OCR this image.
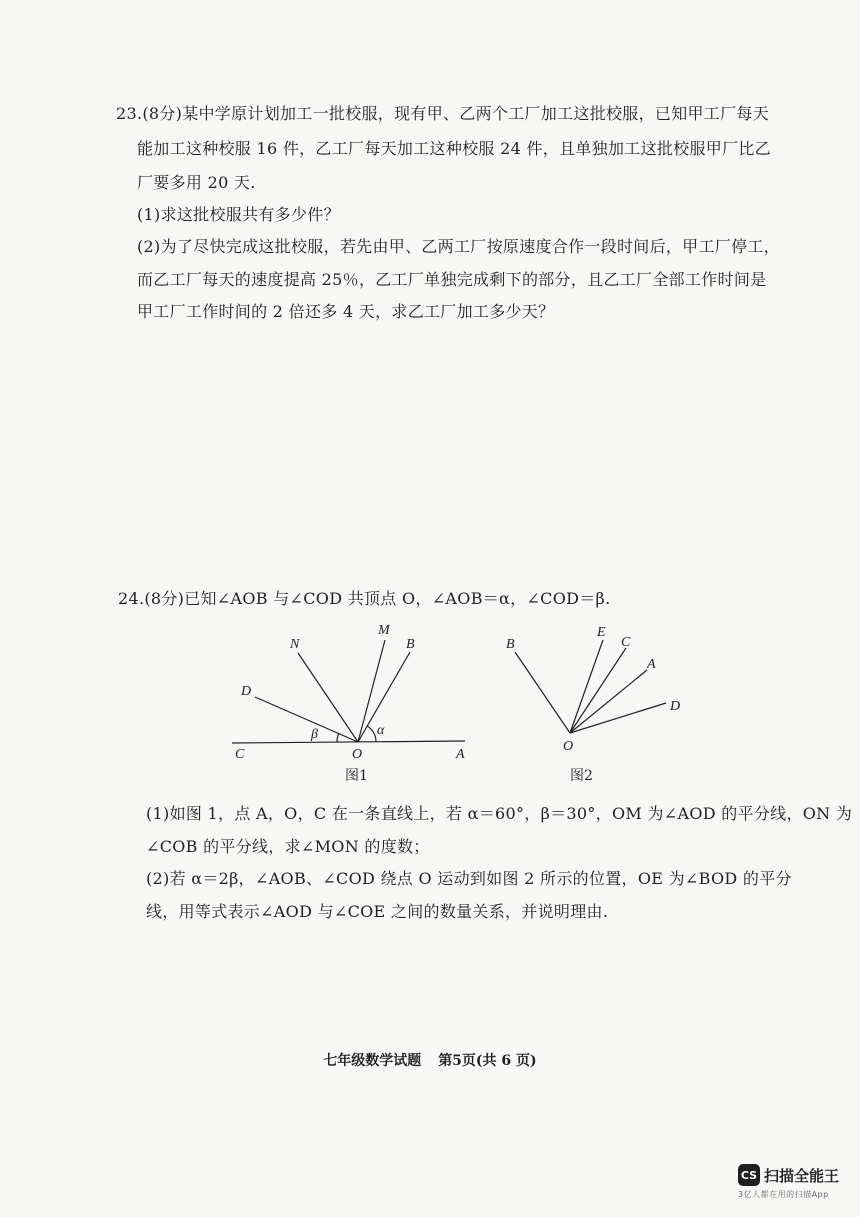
23.(8分)某中学原计划加工一批校服，现有甲、乙两个工厂加工这批校服，已知甲工厂每天
能加工这种校服 16 件，乙工厂每天加工这种校服 24 件，且单独加工这批校服甲厂比乙
厂要多用 20 天.
(1)求这批校服共有多少件？
(2)为了尽快完成这批校服，若先由甲、乙两工厂按原速度合作一段时间后，甲工厂停工，
而乙工厂每天的速度提高 25％，乙工厂单独完成剩下的部分，且乙工厂全部工作时间是
甲工厂工作时间的 2 倍还多 4 天，求乙工厂加工多少天？
24.(8分)已知∠AOB 与∠COD 共顶点 O，∠AOB＝α，∠COD＝β.
N
M
B
D
C	O	A
α
β
B
E
C
A
D
O
图1	图2
(1)如图 1，点 A，O，C 在一条直线上，若 α＝60°，β＝30°，OM 为∠AOD 的平分线，ON 为
∠COB 的平分线，求∠MON 的度数；
(2)若 α＝2β，∠AOB、∠COD 绕点 O 运动到如图 2 所示的位置，OE 为∠BOD 的平分
线，用等式表示∠AOD 与∠COE 之间的数量关系，并说明理由.
七年级数学试题 第5页(共 6 页)
CS 扫描全能王
3亿人都在用的扫描App
